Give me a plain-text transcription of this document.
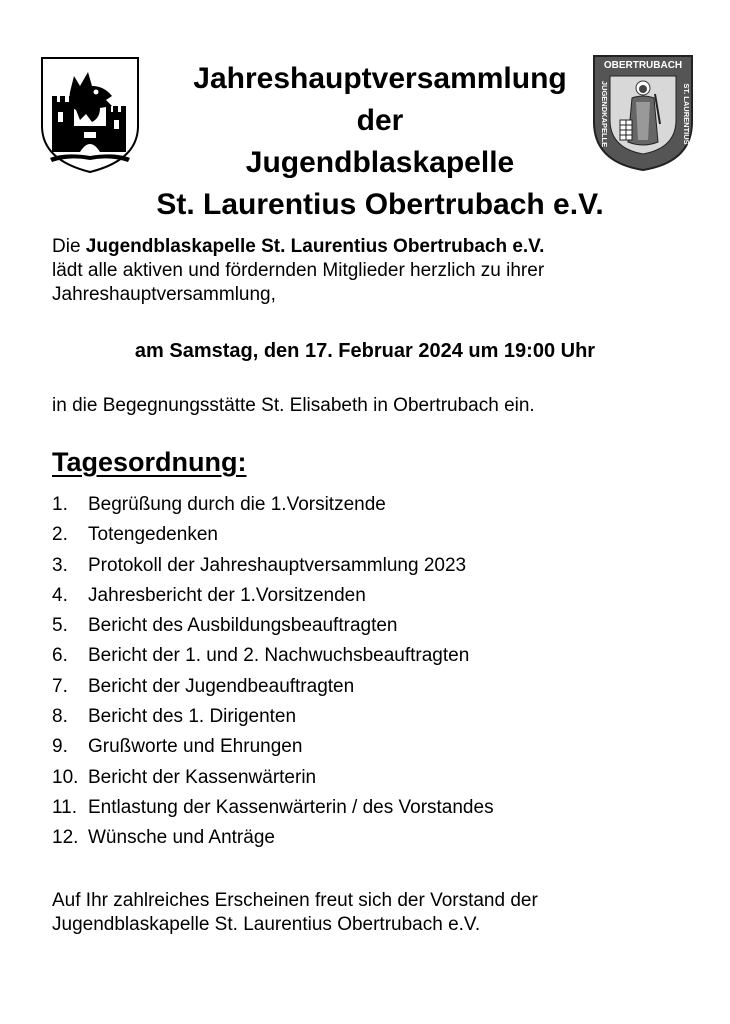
OBERTRUBACH
JUGENDKAPELLE	ST. LAURENTIUS
Jahreshauptversammlung
der
Jugendblaskapelle
St. Laurentius Obertrubach e.V.
Die Jugendblaskapelle St. Laurentius Obertrubach e.V.
lädt alle aktiven und fördernden Mitglieder herzlich zu ihrer
Jahreshauptversammlung,
am Samstag, den 17. Februar 2024 um 19:00 Uhr
in die Begegnungsstätte St. Elisabeth in Obertrubach ein.
Tagesordnung:
1.	Begrüßung durch die 1.Vorsitzende
2.	Totengedenken
3.	Protokoll der Jahreshauptversammlung 2023
4.	Jahresbericht der 1.Vorsitzenden
5.	Bericht des Ausbildungsbeauftragten
6.	Bericht der 1. und 2. Nachwuchsbeauftragten
7.	Bericht der Jugendbeauftragten
8.	Bericht des 1. Dirigenten
9.	Grußworte und Ehrungen
10. Bericht der Kassenwärterin
11. Entlastung der Kassenwärterin / des Vorstandes
12. Wünsche und Anträge
Auf Ihr zahlreiches Erscheinen freut sich der Vorstand der
Jugendblaskapelle St. Laurentius Obertrubach e.V.
